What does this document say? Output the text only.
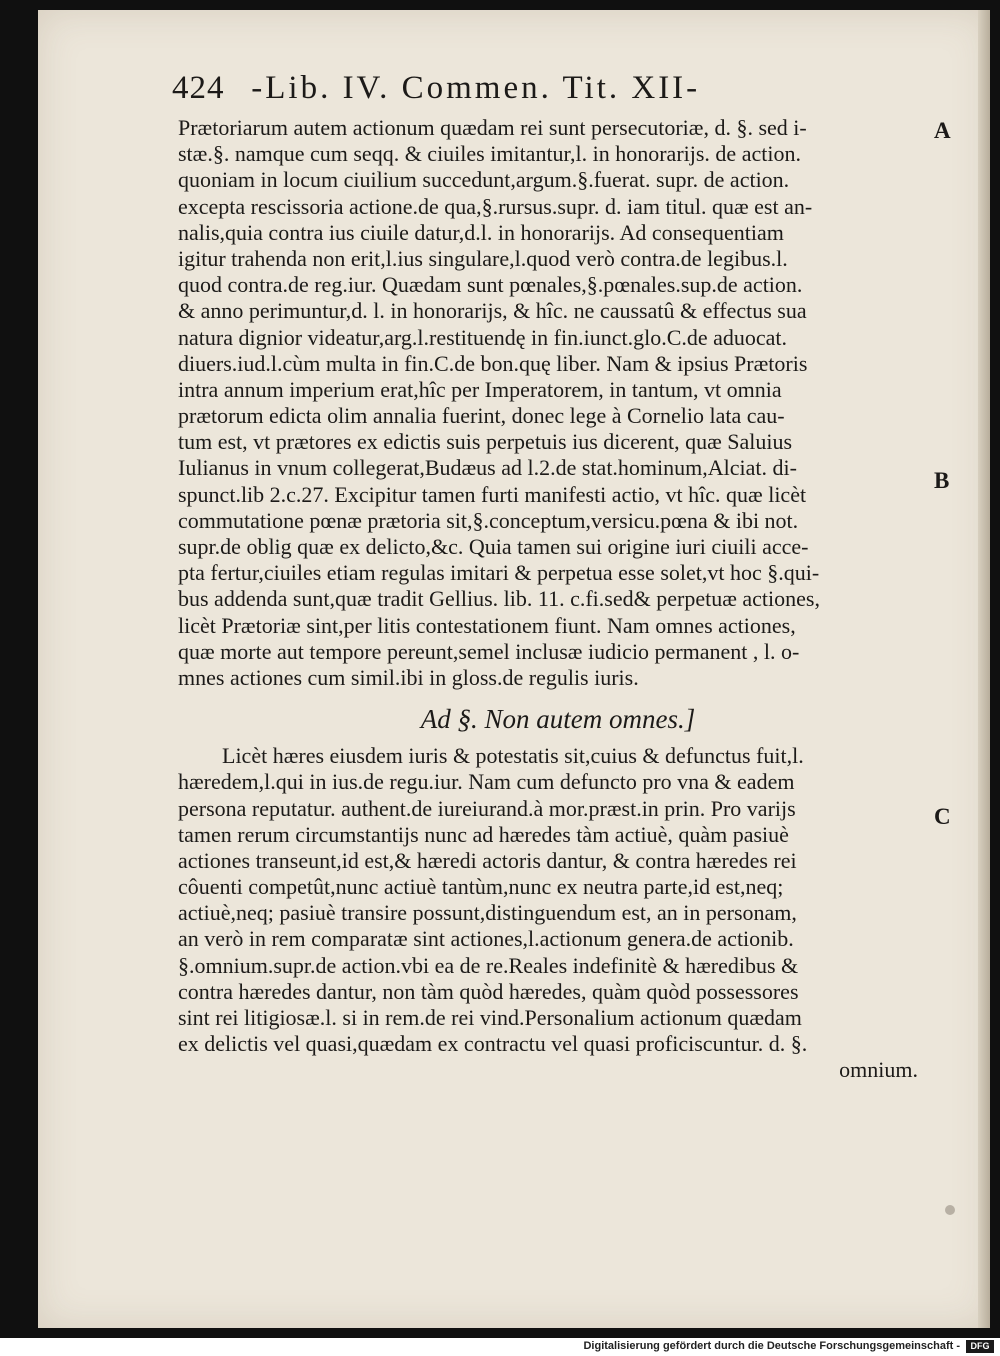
424 -Lib. IV. Commen. Tit. XII-
Prætoriarum autem actionum quædam rei sunt persecutoriæ, d. §. sed i-
stæ.§. namque cum seqq. & ciuiles imitantur,l. in honorarijs. de action.
quoniam in locum ciuilium succedunt,argum.§.fuerat. supr. de action.
excepta rescissoria actione.de qua,§.rursus.supr. d. iam titul. quæ est an-
nalis,quia contra ius ciuile datur,d.l. in honorarijs. Ad consequentiam
igitur trahenda non erit,l.ius singulare,l.quod verò contra.de legibus.l.
quod contra.de reg.iur. Quædam sunt pœnales,§.pœnales.sup.de action.
& anno perimuntur,d. l. in honorarijs, & hîc. ne caussatû & effectus sua
natura dignior videatur,arg.l.restituendę in fin.iunct.glo.C.de aduocat.
diuers.iud.l.cùm multa in fin.C.de bon.quę liber. Nam & ipsius Prætoris
intra annum imperium erat,hîc per Imperatorem, in tantum, vt omnia
prætorum edicta olim annalia fuerint, donec lege à Cornelio lata cau-
tum est, vt prætores ex edictis suis perpetuis ius dicerent, quæ Saluius
Iulianus in vnum collegerat,Budæus ad l.2.de stat.hominum,Alciat. di-
spunct.lib 2.c.27. Excipitur tamen furti manifesti actio, vt hîc. quæ licèt
commutatione pœnæ prætoria sit,§.conceptum,versicu.pœna & ibi not.
supr.de oblig quæ ex delicto,&c. Quia tamen sui origine iuri ciuili acce-
pta fertur,ciuiles etiam regulas imitari & perpetua esse solet,vt hoc §.qui-
bus addenda sunt,quæ tradit Gellius. lib. 11. c.fi.sed& perpetuæ actiones,
licèt Prætoriæ sint,per litis contestationem fiunt. Nam omnes actiones,
quæ morte aut tempore pereunt,semel inclusæ iudicio permanent , l. o-
mnes actiones cum simil.ibi in gloss.de regulis iuris.
Ad §. Non autem omnes.]
Licèt hæres eiusdem iuris & potestatis sit,cuius & defunctus fuit,l.
hæredem,l.qui in ius.de regu.iur. Nam cum defuncto pro vna & eadem
persona reputatur. authent.de iureiurand.à mor.præst.in prin. Pro varijs
tamen rerum circumstantijs nunc ad hæredes tàm actiuè, quàm pasiuè
actiones transeunt,id est,& hæredi actoris dantur, & contra hæredes rei
côuenti competût,nunc actiuè tantùm,nunc ex neutra parte,id est,neq;
actiuè,neq; pasiuè transire possunt,distinguendum est, an in personam,
an verò in rem comparatæ sint actiones,l.actionum genera.de actionib.
§.omnium.supr.de action.vbi ea de re.Reales indefinitè & hæredibus &
contra hæredes dantur, non tàm quòd hæredes, quàm quòd possessores
sint rei litigiosæ.l. si in rem.de rei vind.Personalium actionum quædam
ex delictis vel quasi,quædam ex contractu vel quasi proficiscuntur. d. §.
omnium.
A
B
C
Digitalisierung gefördert durch die Deutsche Forschungsgemeinschaft -	DFG
